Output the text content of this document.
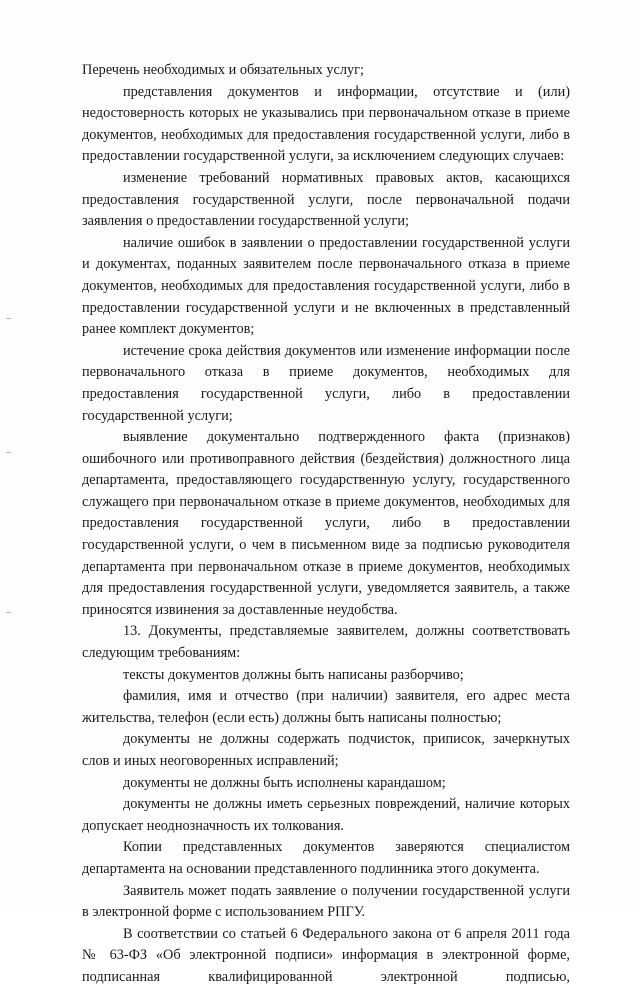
Перечень необходимых и обязательных услуг;

представления документов и информации, отсутствие и (или) недостоверность которых не указывались при первоначальном отказе в приеме документов, необходимых для предоставления государственной услуги, либо в предоставлении государственной услуги, за исключением следующих случаев:

изменение требований нормативных правовых актов, касающихся предоставления государственной услуги, после первоначальной подачи заявления о предоставлении государственной услуги;

наличие ошибок в заявлении о предоставлении государственной услуги и документах, поданных заявителем после первоначального отказа в приеме документов, необходимых для предоставления государственной услуги, либо в предоставлении государственной услуги и не включенных в представленный ранее комплект документов;

истечение срока действия документов или изменение информации после первоначального отказа в приеме документов, необходимых для предоставления государственной услуги, либо в предоставлении государственной услуги;

выявление документально подтвержденного факта (признаков) ошибочного или противоправного действия (бездействия) должностного лица департамента, предоставляющего государственную услугу, государственного служащего при первоначальном отказе в приеме документов, необходимых для предоставления государственной услуги, либо в предоставлении государственной услуги, о чем в письменном виде за подписью руководителя департамента при первоначальном отказе в приеме документов, необходимых для предоставления государственной услуги, уведомляется заявитель, а также приносятся извинения за доставленные неудобства.

13. Документы, представляемые заявителем, должны соответствовать следующим требованиям:

тексты документов должны быть написаны разборчиво;

фамилия, имя и отчество (при наличии) заявителя, его адрес места жительства, телефон (если есть) должны быть написаны полностью;

документы не должны содержать подчисток, приписок, зачеркнутых слов и иных неоговоренных исправлений;

документы не должны быть исполнены карандашом;

документы не должны иметь серьезных повреждений, наличие которых допускает неоднозначность их толкования.

Копии представленных документов заверяются специалистом департамента на основании представленного подлинника этого документа.

Заявитель может подать заявление о получении государственной услуги в электронной форме с использованием РПГУ.

В соответствии со статьей 6 Федерального закона от 6 апреля 2011 года № 63-ФЗ «Об электронной подписи» информация в электронной форме, подписанная квалифицированной электронной подписью,
